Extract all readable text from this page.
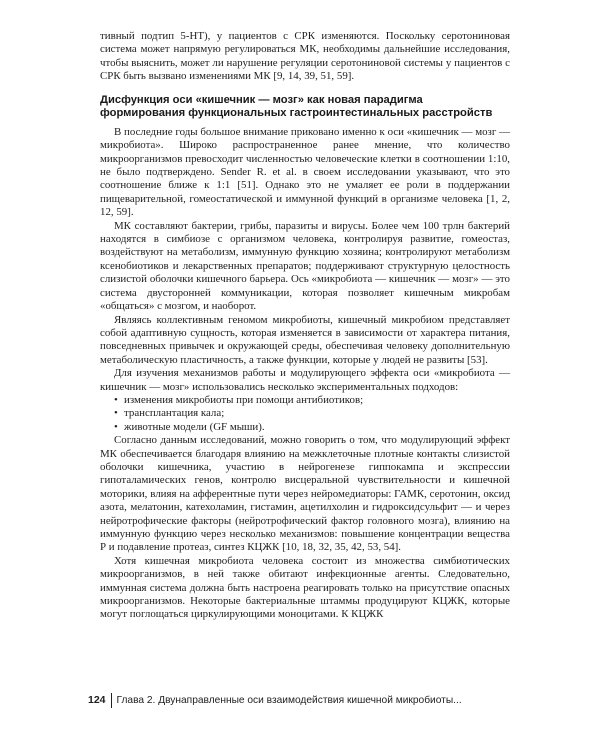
тивный подтип 5-НТ), у пациентов с СРК изменяются. Поскольку серотониновая система может напрямую регулироваться МК, необходимы дальнейшие исследования, чтобы выяснить, может ли нарушение регуляции серотониновой системы у пациентов с СРК быть вызвано изменениями МК [9, 14, 39, 51, 59].

Дисфункция оси «кишечник — мозг» как новая парадигма формирования функциональных гастроинтестинальных расстройств

В последние годы большое внимание приковано именно к оси «кишечник — мозг — микробиота». Широко распространенное ранее мнение, что количество микроорганизмов превосходит численностью человеческие клетки в соотношении 1:10, не было подтверждено. Sender R. et al. в своем исследовании указывают, что это соотношение ближе к 1:1 [51]. Однако это не умаляет ее роли в поддержании пищеварительной, гомеостатической и иммунной функций в организме человека [1, 2, 12, 59].

МК составляют бактерии, грибы, паразиты и вирусы. Более чем 100 трлн бактерий находятся в симбиозе с организмом человека, контролируя развитие, гомеостаз, воздействуют на метаболизм, иммунную функцию хозяина; контролируют метаболизм ксенобиотиков и лекарственных препаратов; поддерживают структурную целостность слизистой оболочки кишечного барьера. Ось «микробиота — кишечник — мозг» — это система двусторонней коммуникации, которая позволяет кишечным микробам «общаться» с мозгом, и наоборот.

Являясь коллективным геномом микробиоты, кишечный микробиом представляет собой адаптивную сущность, которая изменяется в зависимости от характера питания, повседневных привычек и окружающей среды, обеспечивая человеку дополнительную метаболическую пластичность, а также функции, которые у людей не развиты [53].

Для изучения механизмов работы и модулирующего эффекта оси «микробиота — кишечник — мозг» использовались несколько экспериментальных подходов:

• изменения микробиоты при помощи антибиотиков;
• трансплантация кала;
• животные модели (GF мыши).

Согласно данным исследований, можно говорить о том, что модулирующий эффект МК обеспечивается благодаря влиянию на межклеточные плотные контакты слизистой оболочки кишечника, участию в нейрогенезе гиппокампа и экспрессии гипоталамических генов, контролю висцеральной чувствительности и кишечной моторики, влияя на афферентные пути через нейромедиаторы: ГАМК, серотонин, оксид азота, мелатонин, катехоламин, гистамин, ацетилхолин и гидроксидсульфит — и через нейротрофические факторы (нейротрофический фактор головного мозга), влиянию на иммунную функцию через несколько механизмов: повышение концентрации вещества Р и подавление протеаз, синтез КЦЖК [10, 18, 32, 35, 42, 53, 54].

Хотя кишечная микробиота человека состоит из множества симбиотических микроорганизмов, в ней также обитают инфекционные агенты. Следовательно, иммунная система должна быть настроена реагировать только на присутствие опасных микроорганизмов. Некоторые бактериальные штаммы продуцируют КЦЖК, которые могут поглощаться циркулирующими моноцитами. К КЦЖК

124	Глава 2. Двунаправленные оси взаимодействия кишечной микробиоты...
